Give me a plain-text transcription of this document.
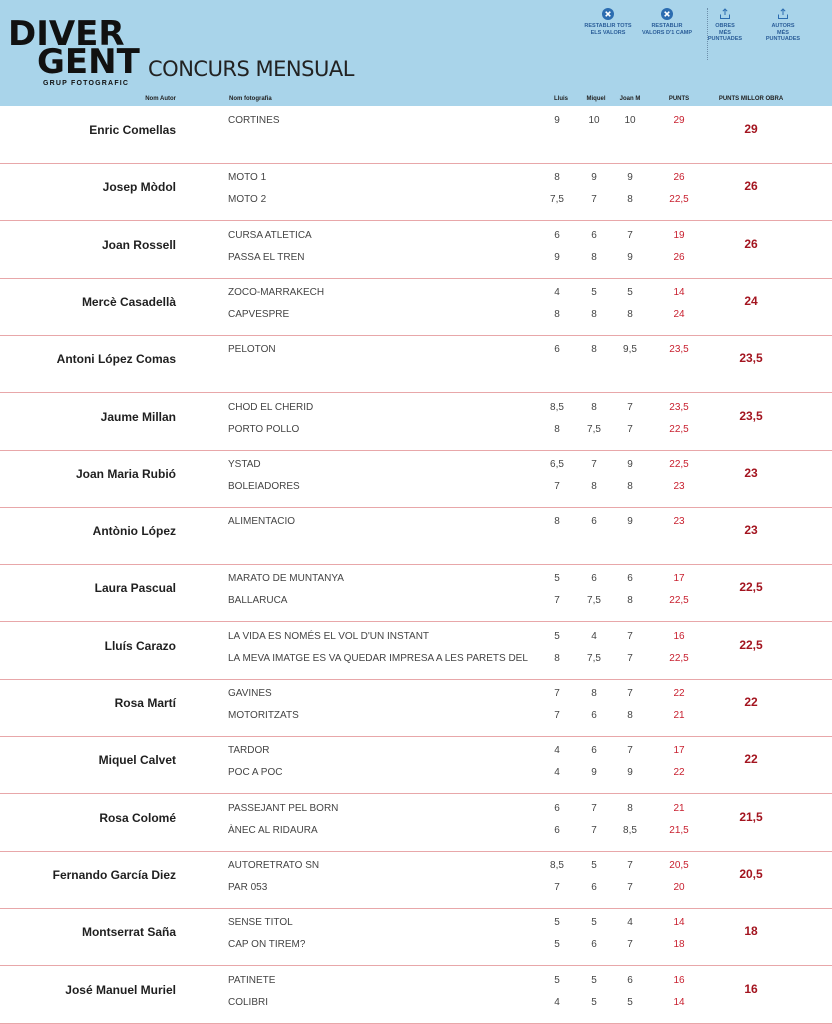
DIVER
GENT
GRUP FOTOGRAFIC
CONCURS MENSUAL
RESTABLIR TOTS
ELS VALORS
RESTABLIR
VALORS D'1 CAMP
OBRES
MÉS
PUNTUADES
AUTORS
MÉS
PUNTUADES
Nom Autor	Nom fotografia	Lluis	Miquel	Joan M	PUNTS	PUNTS MILLOR OBRA
Enric Comellas
CORTINES	9	10	10	29
29
Josep Mòdol
MOTO 1	8	9	9	26
MOTO 2	7,5	7	8	22,5
26
Joan Rossell
CURSA ATLETICA	6	6	7	19
PASSA EL TREN	9	8	9	26
26
Mercè Casadellà
ZOCO-MARRAKECH	4	5	5	14
CAPVESPRE	8	8	8	24
24
Antoni López Comas
PELOTON	6	8	9,5	23,5
23,5
Jaume Millan
CHOD EL CHERID	8,5	8	7	23,5
PORTO POLLO	8	7,5	7	22,5
23,5
Joan Maria Rubió
YSTAD	6,5	7	9	22,5
BOLEIADORES	7	8	8	23
23
Antònio López
ALIMENTACIO	8	6	9	23
23
Laura Pascual
MARATO DE MUNTANYA	5	6	6	17
BALLARUCA	7	7,5	8	22,5
22,5
Lluís Carazo
LA VIDA ES NOMÉS EL VOL D'UN INSTANT	5	4	7	16
LA MEVA IMATGE ES VA QUEDAR IMPRESA A LES PARETS DEL	8	7,5	7	22,5
22,5
Rosa Martí
GAVINES	7	8	7	22
MOTORITZATS	7	6	8	21
22
Miquel Calvet
TARDOR	4	6	7	17
POC A POC	4	9	9	22
22
Rosa Colomé
PASSEJANT PEL BORN	6	7	8	21
ÀNEC AL RIDAURA	6	7	8,5	21,5
21,5
Fernando García Diez
AUTORETRATO SN	8,5	5	7	20,5
PAR 053	7	6	7	20
20,5
Montserrat Saña
SENSE TITOL	5	5	4	14
CAP ON TIREM?	5	6	7	18
18
José Manuel Muriel
PATINETE	5	5	6	16
COLIBRI	4	5	5	14
16
